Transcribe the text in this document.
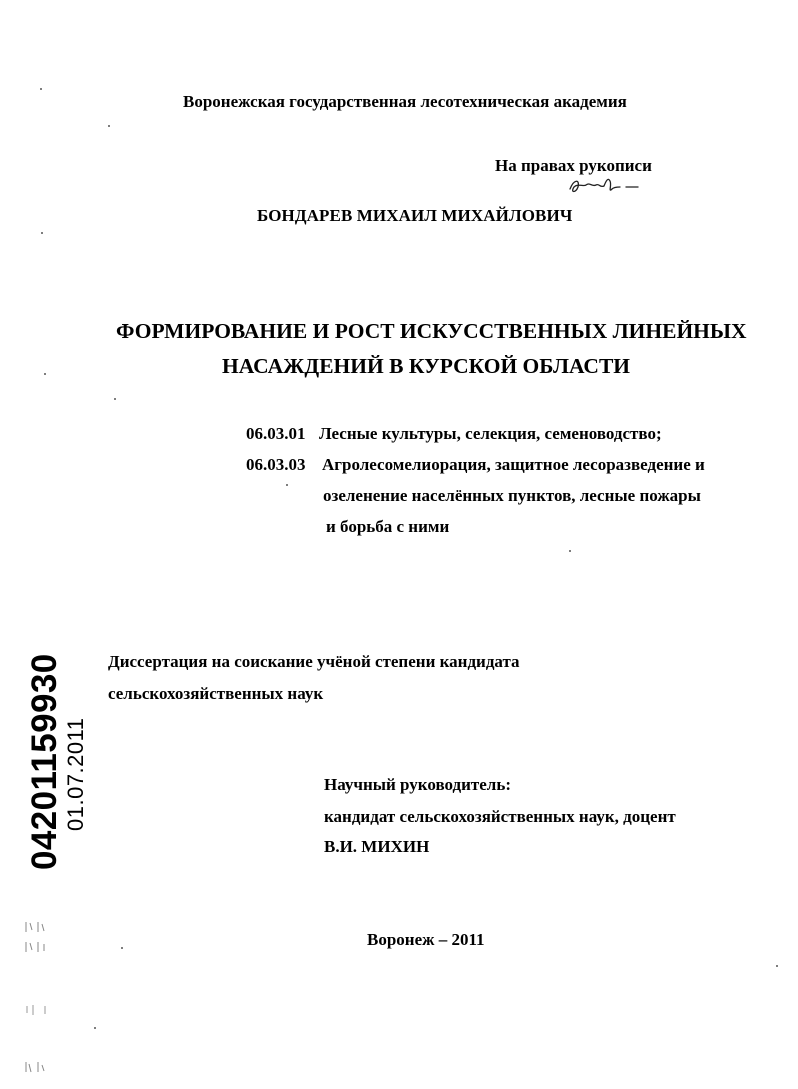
Воронежская государственная лесотехническая академия

На правах рукописи

БОНДАРЕВ МИХАИЛ МИХАЙЛОВИЧ

ФОРМИРОВАНИЕ И РОСТ ИСКУССТВЕННЫХ ЛИНЕЙНЫХ
НАСАЖДЕНИЙ В КУРСКОЙ ОБЛАСТИ

06.03.01 Лесные культуры, селекция, семеноводство;

06.03.03 Агролесомелиорация, защитное лесоразведение и

озеленение населённых пунктов, лесные пожары

и борьба с ними

Диссертация на соискание учёной степени кандидата

сельскохозяйственных наук

Научный руководитель:

кандидат сельскохозяйственных наук, доцент

В.И. МИХИН

Воронеж – 2011

04201159930 01.07.2011
